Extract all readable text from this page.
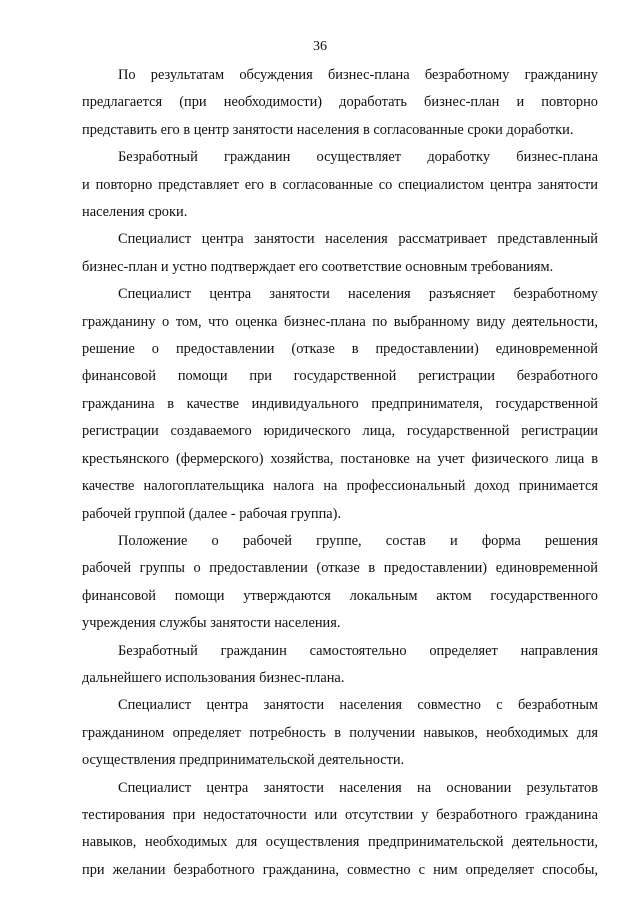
36

По результатам обсуждения бизнес-плана безработному гражданину
предлагается (при необходимости) доработать бизнес-план и повторно
представить его в центр занятости населения в согласованные сроки доработки.

Безработный гражданин осуществляет доработку бизнес-плана
и повторно представляет его в согласованные со специалистом центра занятости
населения сроки.

Специалист центра занятости населения рассматривает представленный
бизнес-план и устно подтверждает его соответствие основным требованиям.

Специалист центра занятости населения разъясняет безработному
гражданину о том, что оценка бизнес-плана по выбранному виду деятельности,
решение о предоставлении (отказе в предоставлении) единовременной
финансовой помощи при государственной регистрации безработного
гражданина в качестве индивидуального предпринимателя, государственной
регистрации создаваемого юридического лица, государственной регистрации
крестьянского (фермерского) хозяйства, постановке на учет физического лица в
качестве налогоплательщика налога на профессиональный доход принимается
рабочей группой (далее - рабочая группа).

Положение о рабочей группе, состав и форма решения
рабочей группы о предоставлении (отказе в предоставлении) единовременной
финансовой помощи утверждаются локальным актом государственного
учреждения службы занятости населения.

Безработный гражданин самостоятельно определяет направления
дальнейшего использования бизнес-плана.

Специалист центра занятости населения совместно с безработным
гражданином определяет потребность в получении навыков, необходимых для
осуществления предпринимательской деятельности.

Специалист центра занятости населения на основании результатов
тестирования при недостаточности или отсутствии у безработного гражданина
навыков, необходимых для осуществления предпринимательской деятельности,
при желании безработного гражданина, совместно с ним определяет способы,
